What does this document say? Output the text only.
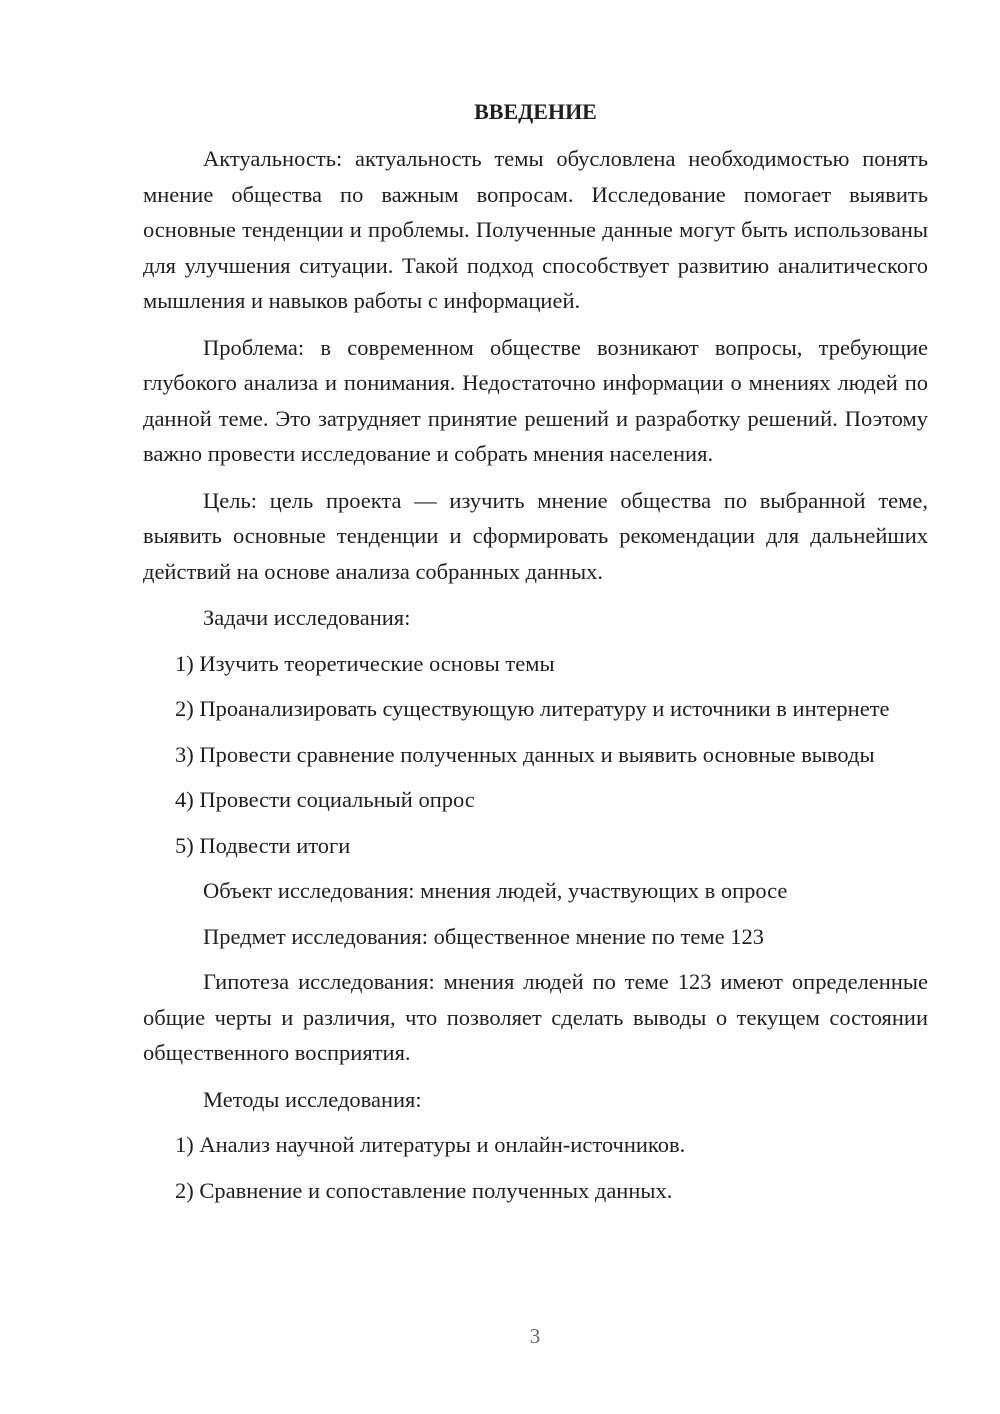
ВВЕДЕНИЕ

Актуальность: актуальность темы обусловлена необходимостью понять мнение общества по важным вопросам. Исследование помогает выявить основные тенденции и проблемы. Полученные данные могут быть использованы для улучшения ситуации. Такой подход способствует развитию аналитического мышления и навыков работы с информацией.

Проблема: в современном обществе возникают вопросы, требующие глубокого анализа и понимания. Недостаточно информации о мнениях людей по данной теме. Это затрудняет принятие решений и разработку решений. Поэтому важно провести исследование и собрать мнения населения.

Цель: цель проекта — изучить мнение общества по выбранной теме, выявить основные тенденции и сформировать рекомендации для дальнейших действий на основе анализа собранных данных.

Задачи исследования:

1) Изучить теоретические основы темы

2) Проанализировать существующую литературу и источники в интернете

3) Провести сравнение полученных данных и выявить основные выводы

4) Провести социальный опрос

5) Подвести итоги

Объект исследования: мнения людей, участвующих в опросе

Предмет исследования: общественное мнение по теме 123

Гипотеза исследования: мнения людей по теме 123 имеют определенные общие черты и различия, что позволяет сделать выводы о текущем состоянии общественного восприятия.

Методы исследования:

1) Анализ научной литературы и онлайн-источников.

2) Сравнение и сопоставление полученных данных.

3
